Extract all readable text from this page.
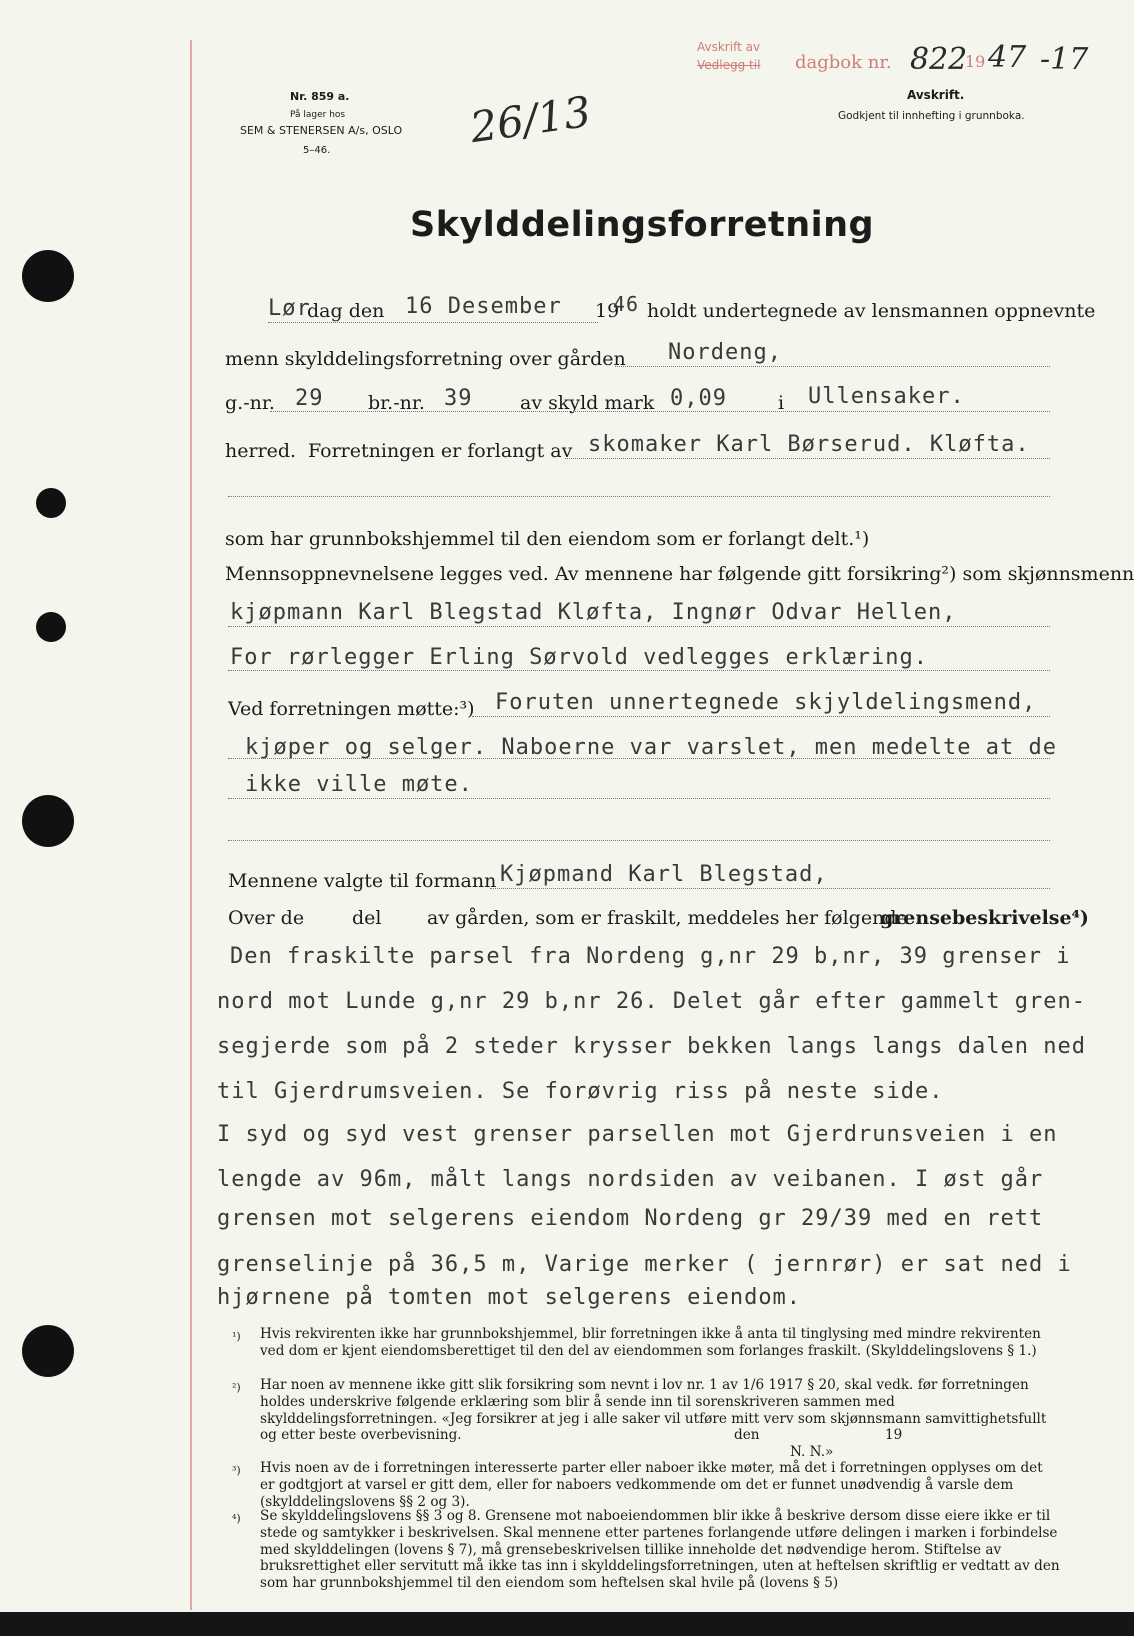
Nr. 859 a.
På lager hos
SEM & STENERSEN A/s, OSLO
5–46.	26/13
Avskrift av
Vedlegg til dagbok nr. 822
19 47 -17
Avskrift.
Godkjent til innhefting i grunnboka.
Skylddelingsforretning
Lør
dag den 16 Desember 19
46 holdt undertegnede av lensmannen oppnevnte
menn skylddelingsforretning over gården Nordeng,
g.-nr. 29 br.-nr. 39	av skyld mark 0,09	i Ullensaker.
herred. Forretningen er forlangt av skomaker Karl Børserud. Kløfta.
som har grunnbokshjemmel til den eiendom som er forlangt delt.¹)
Mennsoppnevnelsene legges ved. Av mennene har følgende gitt forsikring²) som skjønnsmenn
kjøpmann Karl Blegstad Kløfta, Ingnør Odvar Hellen,
For rørlegger Erling Sørvold vedlegges erklæring.
Ved forretningen møtte:³) Foruten unnertegnede skjyldelingsmend,
kjøper og selger. Naboerne var varslet, men medelte at de
ikke ville møte.
Mennene valgte til formann Kjøpmand Karl Blegstad,
Over de	del av gården, som er fraskilt, meddeles her følgende
grensebeskrivelse⁴)
Den fraskilte parsel fra Nordeng g,nr 29 b,nr, 39 grenser i
nord mot Lunde g,nr 29 b,nr 26. Delet går efter gammelt gren-
segjerde som på 2 steder krysser bekken langs langs dalen ned
til Gjerdrumsveien. Se forøvrig riss på neste side.
I syd og syd vest grenser parsellen mot Gjerdrunsveien i en
lengde av 96m, målt langs nordsiden av veibanen. I øst går
grensen mot selgerens eiendom Nordeng gr 29/39 med en rett
grenselinje på 36,5 m, Varige merker ( jernrør) er sat ned i
hjørnene på tomten mot selgerens eiendom.
¹) Hvis rekvirenten ikke har grunnbokshjemmel, blir forretningen ikke å anta til tinglysing med mindre rekvirenten ved dom er kjent eiendomsberettiget til den del av eiendommen som forlanges fraskilt. (Skylddelingslovens § 1.)
²) Har noen av mennene ikke gitt slik forsikring som nevnt i lov nr. 1 av 1/6 1917 § 20, skal vedk. før forretningen holdes underskrive følgende erklæring som blir å sende inn til sorenskriveren sammen med skylddelingsforretningen. «Jeg forsikrer at jeg i alle saker vil utføre mitt verv som skjønnsmann samvittighetsfullt og etter beste overbevisning.	den	19
N. N.»
³) Hvis noen av de i forretningen interesserte parter eller naboer ikke møter, må det i forretningen opplyses om det er godtgjort at varsel er gitt dem, eller for naboers vedkommende om det er funnet unødvendig å varsle dem (skylddelingslovens §§ 2 og 3).
⁴) Se skylddelingslovens §§ 3 og 8. Grensene mot naboeiendommen blir ikke å beskrive dersom disse eiere ikke er til stede og samtykker i beskrivelsen. Skal mennene etter partenes forlangende utføre delingen i marken i forbindelse med skylddelingen (lovens § 7), må grensebeskrivelsen tillike inneholde det nødvendige herom. Stiftelse av bruksrettighet eller servitutt må ikke tas inn i skylddelingsforretningen, uten at heftelsen skriftlig er vedtatt av den som har grunnbokshjemmel til den eiendom som heftelsen skal hvile på (lovens § 5)
